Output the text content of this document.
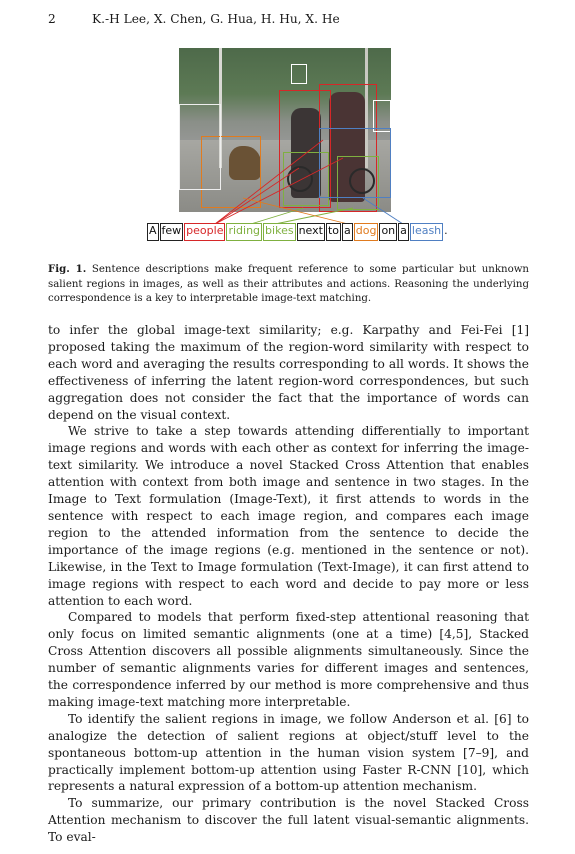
2	K.-H Lee, X. Chen, G. Hua, H. Hu, X. He
A few people riding bikes next to a dog on a leash .
Fig. 1. Sentence descriptions make frequent reference to some particular but unknown salient regions in images, as well as their attributes and actions. Reasoning the underlying correspondence is a key to interpretable image-text matching.

to infer the global image-text similarity; e.g. Karpathy and Fei-Fei [1] proposed taking the maximum of the region-word similarity with respect to each word and averaging the results corresponding to all words. It shows the effectiveness of inferring the latent region-word correspondences, but such aggregation does not consider the fact that the importance of words can depend on the visual context.

We strive to take a step towards attending differentially to important image regions and words with each other as context for inferring the image-text similarity. We introduce a novel Stacked Cross Attention that enables attention with context from both image and sentence in two stages. In the Image to Text formulation (Image-Text), it first attends to words in the sentence with respect to each image region, and compares each image region to the attended information from the sentence to decide the importance of the image regions (e.g. mentioned in the sentence or not). Likewise, in the Text to Image formulation (Text-Image), it can first attend to image regions with respect to each word and decide to pay more or less attention to each word.

Compared to models that perform fixed-step attentional reasoning that only focus on limited semantic alignments (one at a time) [4,5], Stacked Cross Attention discovers all possible alignments simultaneously. Since the number of semantic alignments varies for different images and sentences, the correspondence inferred by our method is more comprehensive and thus making image-text matching more interpretable.

To identify the salient regions in image, we follow Anderson et al. [6] to analogize the detection of salient regions at object/stuff level to the spontaneous bottom-up attention in the human vision system [7–9], and practically implement bottom-up attention using Faster R-CNN [10], which represents a natural expression of a bottom-up attention mechanism.

To summarize, our primary contribution is the novel Stacked Cross Attention mechanism to discover the full latent visual-semantic alignments. To eval-
